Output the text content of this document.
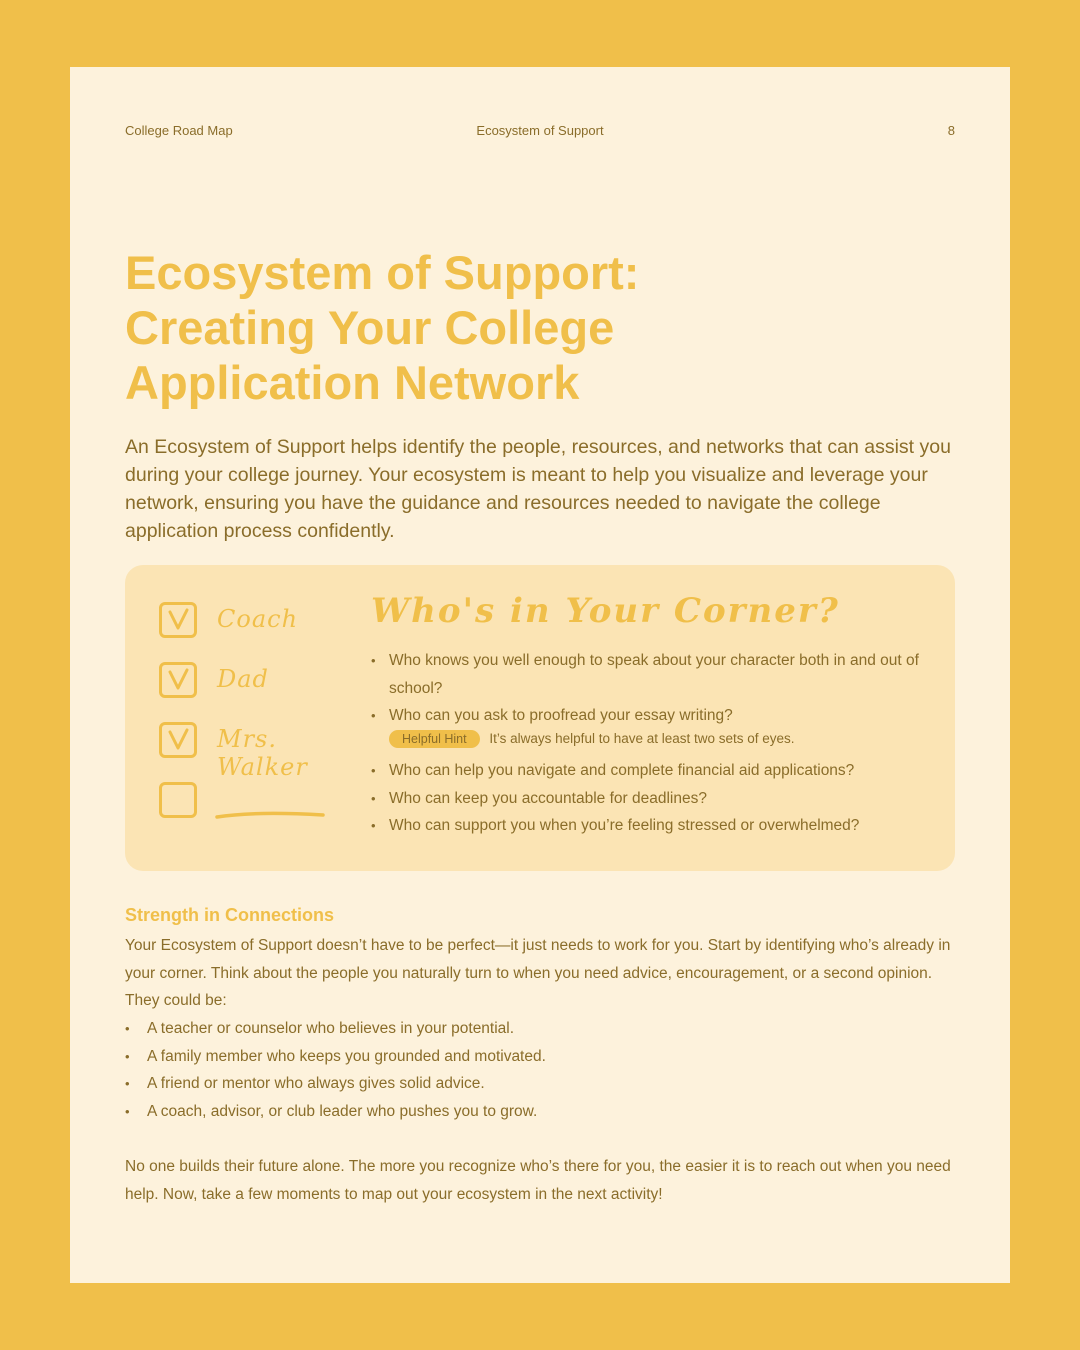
College Road Map	Ecosystem of Support	8
Ecosystem of Support:
Creating Your College
Application Network

An Ecosystem of Support helps identify the people, resources, and networks that can assist you during your college journey. Your ecosystem is meant to help you visualize and leverage your network, ensuring you have the guidance and resources needed to navigate the college application process confidently.

Coach
Dad
Mrs. Walker
Who's in Your Corner?
• Who knows you well enough to speak about your character both in and out of school?
• Who can you ask to proofread your essay writing?
Helpful Hint It’s always helpful to have at least two sets of eyes.
• Who can help you navigate and complete financial aid applications?
• Who can keep you accountable for deadlines?
• Who can support you when you’re feeling stressed or overwhelmed?
Strength in Connections

Your Ecosystem of Support doesn’t have to be perfect—it just needs to work for you. Start by identifying who’s already in your corner. Think about the people you naturally turn to when you need advice, encouragement, or a second opinion. They could be:

• A teacher or counselor who believes in your potential.
• A family member who keeps you grounded and motivated.
• A friend or mentor who always gives solid advice.
• A coach, advisor, or club leader who pushes you to grow.

No one builds their future alone. The more you recognize who’s there for you, the easier it is to reach out when you need help. Now, take a few moments to map out your ecosystem in the next activity!
